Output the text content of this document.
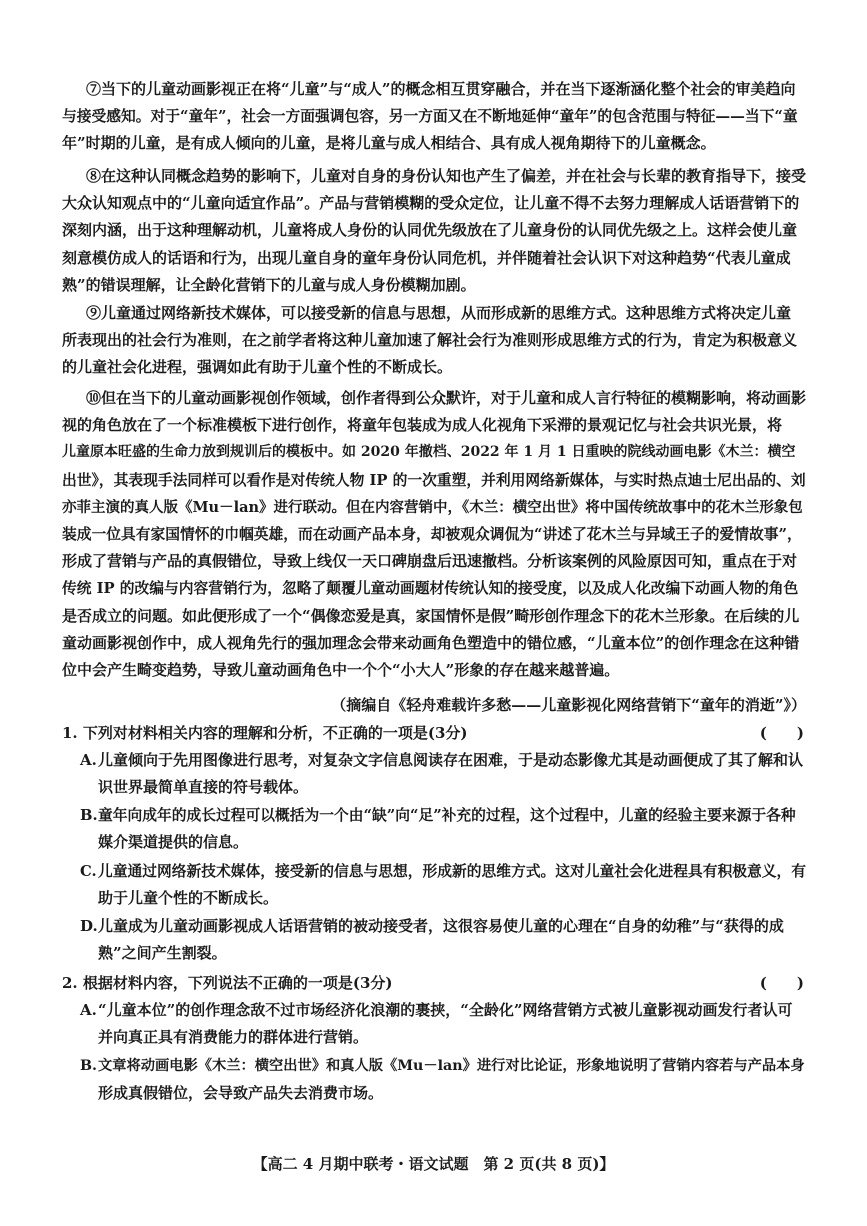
⑦当下的儿童动画影视正在将“儿童”与“成人”的概念相互贯穿融合，并在当下逐渐涵化整个社会的审美趋向
与接受感知。对于“童年”，社会一方面强调包容，另一方面又在不断地延伸“童年”的包含范围与特征——当下“童
年”时期的儿童，是有成人倾向的儿童，是将儿童与成人相结合、具有成人视角期待下的儿童概念。
⑧在这种认同概念趋势的影响下，儿童对自身的身份认知也产生了偏差，并在社会与长辈的教育指导下，接受
大众认知观点中的“儿童向适宜作品”。产品与营销模糊的受众定位，让儿童不得不去努力理解成人话语营销下的
深刻内涵，出于这种理解动机，儿童将成人身份的认同优先级放在了儿童身份的认同优先级之上。这样会使儿童
刻意模仿成人的话语和行为，出现儿童自身的童年身份认同危机，并伴随着社会认识下对这种趋势“代表儿童成
熟”的错误理解，让全龄化营销下的儿童与成人身份模糊加剧。
⑨儿童通过网络新技术媒体，可以接受新的信息与思想，从而形成新的思维方式。这种思维方式将决定儿童
所表现出的社会行为准则，在之前学者将这种儿童加速了解社会行为准则形成思维方式的行为，肯定为积极意义
的儿童社会化进程，强调如此有助于儿童个性的不断成长。
⑩但在当下的儿童动画影视创作领域，创作者得到公众默许，对于儿童和成人言行特征的模糊影响，将动画影
视的角色放在了一个标准模板下进行创作，将童年包装成为成人化视角下采滞的景观记忆与社会共识光景，将
儿童原本旺盛的生命力放到规训后的模板中。如 2020 年撤档、2022 年 1 月 1 日重映的院线动画电影《木兰：横空
出世》，其表现手法同样可以看作是对传统人物 IP 的一次重塑，并利用网络新媒体，与实时热点迪士尼出品的、刘
亦菲主演的真人版《Mu－lan》进行联动。但在内容营销中，《木兰：横空出世》将中国传统故事中的花木兰形象包
装成一位具有家国情怀的巾帼英雄，而在动画产品本身，却被观众调侃为“讲述了花木兰与异域王子的爱情故事”，
形成了营销与产品的真假错位，导致上线仅一天口碑崩盘后迅速撤档。分析该案例的风险原因可知，重点在于对
传统 IP 的改编与内容营销行为，忽略了颠覆儿童动画题材传统认知的接受度，以及成人化改编下动画人物的角色
是否成立的问题。如此便形成了一个“偶像恋爱是真，家国情怀是假”畸形创作理念下的花木兰形象。在后续的儿
童动画影视创作中，成人视角先行的强加理念会带来动画角色塑造中的错位感，“儿童本位”的创作理念在这种错
位中会产生畸变趋势，导致儿童动画角色中一个个“小大人”形象的存在越来越普遍。
（摘编自《轻舟难载许多愁——儿童影视化网络营销下“童年的消逝”》）
1. 下列对材料相关内容的理解和分析，不正确的一项是(3分)	(　　)
A.儿童倾向于先用图像进行思考，对复杂文字信息阅读存在困难，于是动态影像尤其是动画便成了其了解和认
识世界最简单直接的符号载体。
B.童年向成年的成长过程可以概括为一个由“缺”向“足”补充的过程，这个过程中，儿童的经验主要来源于各种
媒介渠道提供的信息。
C.儿童通过网络新技术媒体，接受新的信息与思想，形成新的思维方式。这对儿童社会化进程具有积极意义，有
助于儿童个性的不断成长。
D.儿童成为儿童动画影视成人话语营销的被动接受者，这很容易使儿童的心理在“自身的幼稚”与“获得的成
熟”之间产生割裂。
2. 根据材料内容，下列说法不正确的一项是(3分)	(　　)
A.“儿童本位”的创作理念敌不过市场经济化浪潮的裹挟，“全龄化”网络营销方式被儿童影视动画发行者认可
并向真正具有消费能力的群体进行营销。
B.文章将动画电影《木兰：横空出世》和真人版《Mu－lan》进行对比论证，形象地说明了营销内容若与产品本身
形成真假错位，会导致产品失去消费市场。
【高二 4 月期中联考・语文试题　第 2 页(共 8 页)】
